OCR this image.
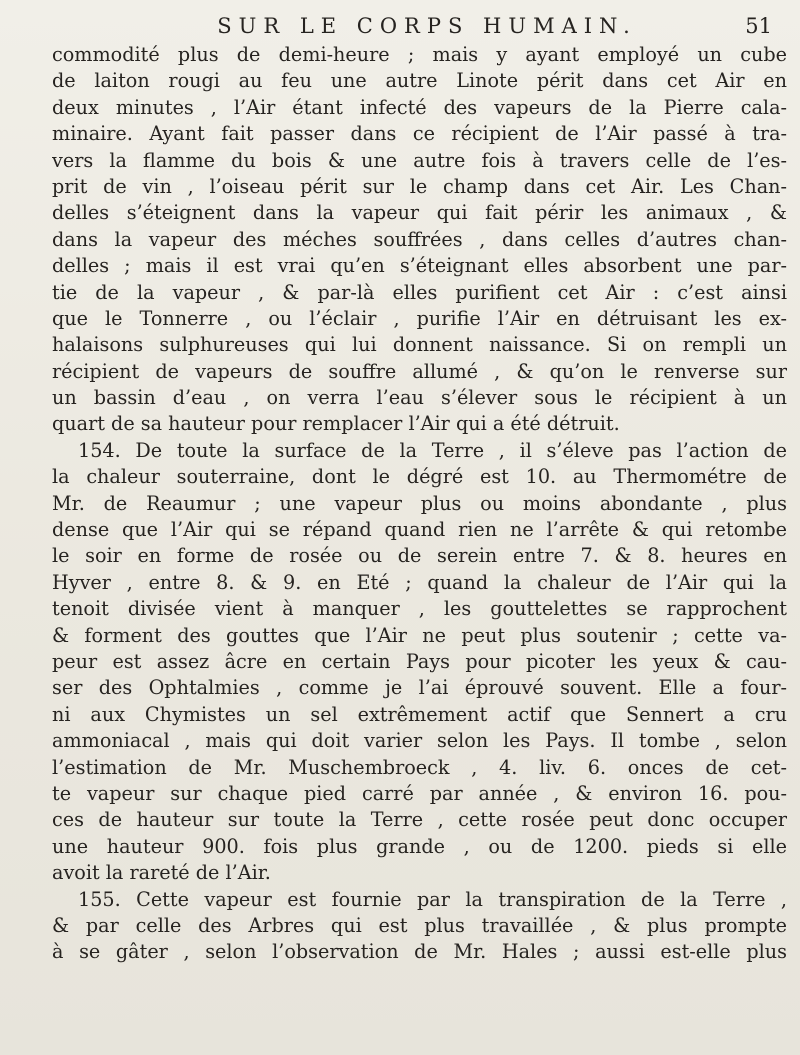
SUR LE CORPS HUMAIN.	51
commodité plus de demi-heure ; mais y ayant employé un cube
de laiton rougi au feu une autre Linote périt dans cet Air en
deux minutes , l’Air étant infecté des vapeurs de la Pierre cala-
minaire. Ayant fait passer dans ce récipient de l’Air passé à tra-
vers la flamme du bois & une autre fois à travers celle de l’es-
prit de vin , l’oiseau périt sur le champ dans cet Air. Les Chan-
delles s’éteignent dans la vapeur qui fait périr les animaux , &
dans la vapeur des méches souffrées , dans celles d’autres chan-
delles ; mais il est vrai qu’en s’éteignant elles absorbent une par-
tie de la vapeur , & par-là elles purifient cet Air : c’est ainsi
que le Tonnerre , ou l’éclair , purifie l’Air en détruisant les ex-
halaisons sulphureuses qui lui donnent naissance. Si on rempli un
récipient de vapeurs de souffre allumé , & qu’on le renverse sur
un bassin d’eau , on verra l’eau s’élever sous le récipient à un
quart de sa hauteur pour remplacer l’Air qui a été détruit.
154. De toute la surface de la Terre , il s’éleve pas l’action de
la chaleur souterraine, dont le dégré est 10. au Thermométre de
Mr. de Reaumur ; une vapeur plus ou moins abondante , plus
dense que l’Air qui se répand quand rien ne l’arrête & qui retombe
le soir en forme de rosée ou de serein entre 7. & 8. heures en
Hyver , entre 8. & 9. en Eté ; quand la chaleur de l’Air qui la
tenoit divisée vient à manquer , les gouttelettes se rapprochent
& forment des gouttes que l’Air ne peut plus soutenir ; cette va-
peur est assez âcre en certain Pays pour picoter les yeux & cau-
ser des Ophtalmies , comme je l’ai éprouvé souvent. Elle a four-
ni aux Chymistes un sel extrêmement actif que Sennert a cru
ammoniacal , mais qui doit varier selon les Pays. Il tombe , selon
l’estimation de Mr. Muschembroeck , 4. liv. 6. onces de cet-
te vapeur sur chaque pied carré par année , & environ 16. pou-
ces de hauteur sur toute la Terre , cette rosée peut donc occuper
une hauteur 900. fois plus grande , ou de 1200. pieds si elle
avoit la rareté de l’Air.
155. Cette vapeur est fournie par la transpiration de la Terre ,
& par celle des Arbres qui est plus travaillée , & plus prompte
à se gâter , selon l’observation de Mr. Hales ; aussi est-elle plus
